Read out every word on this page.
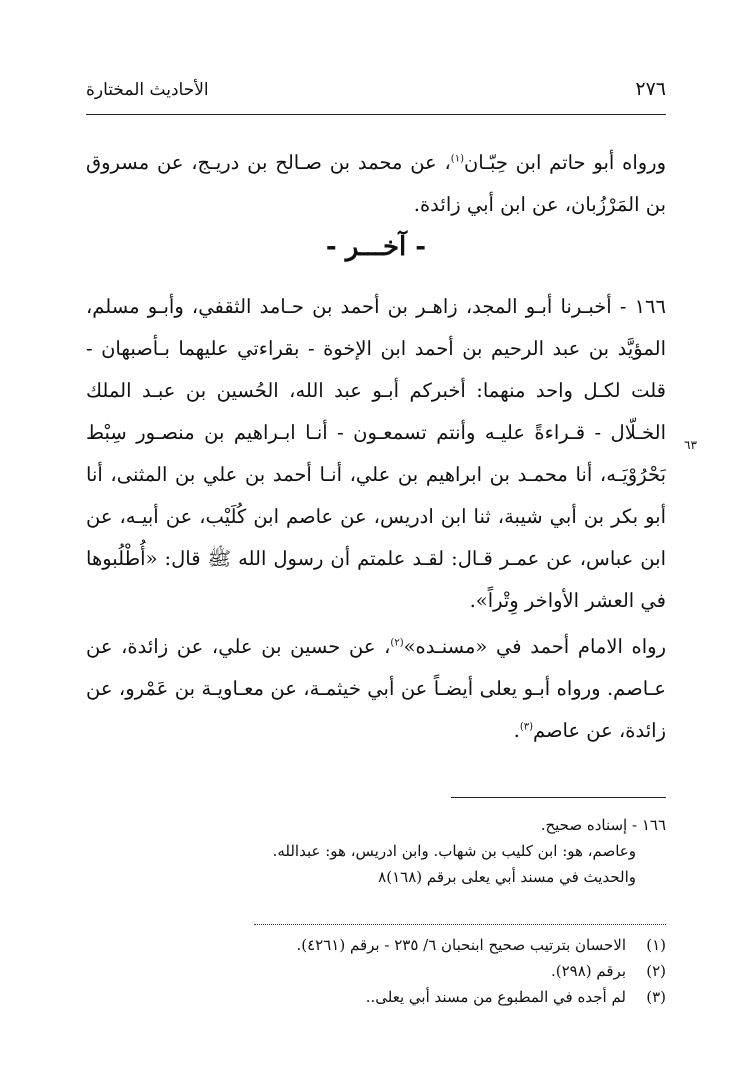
٢٧٦
الأحاديث المختارة

ورواه أبو حاتم ابن حِبّـان$^{(١)}$، عن محمد بن صـالح بن دريـج، عن مسروق بن المَرْزُبان، عن ابن أبي زائدة.

- آخـــر -

١٦٦ - أخبـرنا أبـو المجد، زاهـر بن أحمد بن حـامد الثقفي، وأبـو مسلم، المؤيَّد بن عبد الرحيم بن أحمد ابن الإخوة - بقراءتي عليهما بـأصبهان - قلت لكـل واحد منهما: أخبركم أبـو عبد الله، الحُسين بن عبـد الملك الخـلّال - قـراءةً عليـه وأنتم تسمعـون - أنـا ابـراهيم بن منصـور سِبْط بَحْرُوْيَـه، أنا محمـد بن ابراهيم بن علي، أنـا أحمد بن علي بن المثنى، أنا أبو بكر بن أبي شيبة، ثنا ابن ادريس، عن عاصم ابن كُلَيْب، عن أبيـه، عن ابن عباس، عن عمـر قـال: لقـد علمتم أن رسول الله ﷺ قال: «أُطْلُبوها في العشر الأواخر وِتْراً».

٦٣

رواه الامام أحمد في «مسنـده»$^{(٢)}$، عن حسين بن علي، عن زائدة، عن عـاصم. ورواه أبـو يعلى أيضـاً عن أبي خيثمـة، عن معـاويـة بن عَمْرو، عن زائدة، عن عاصم$^{(٣)}$.

١٦٦ - إسناده صحيح.

وعاصم، هو: ابن كليب بن شهاب. وابن ادريس، هو: عبدالله.

والحديث في مسند أبي يعلى برقم (١٦٨)٨

(١)
الاحسان بترتيب صحيح ابنحبان ٦/ ٢٣٥ - برقم (٤٢٦١).
(٢)
برقم (٢٩٨).
(٣)
لم أجده في المطبوع من مسند أبي يعلى..
